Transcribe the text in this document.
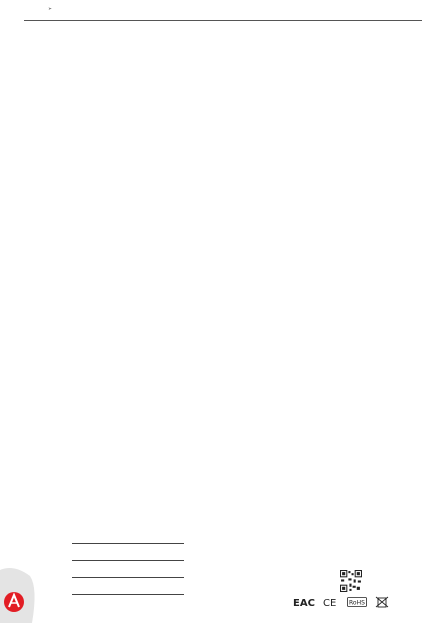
➢
EAC CE RoHS
